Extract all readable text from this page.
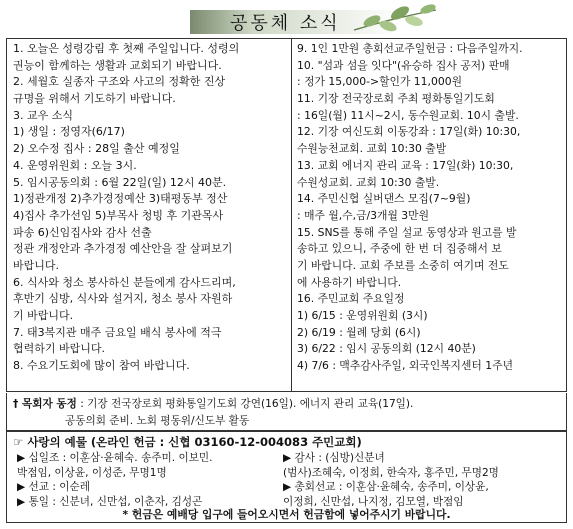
공동체 소식
1. 오늘은 성령강림 후 첫째 주일입니다. 성령의
권능이 함께하는 생활과 교회되기 바랍니다.
2. 세월호 실종자 구조와 사고의 정확한 진상
규명을 위해서 기도하기 바랍니다.
3. 교우 소식
1) 생일 : 정영자(6/17)
2) 오수정 집사 : 28일 출산 예정일
4. 운영위원회 : 오늘 3시.
5. 임시공동의회 : 6월 22일(일) 12시 40분.
1)정관개정 2)추가경정예산 3)태평동부 정산
4)집사 추가선임 5)부목사 청빙 후 기관목사
파송 6)신임집사와 감사 선출
정관 개정안과 추가경정 예산안을 잘 살펴보기
바랍니다.
6. 식사와 청소 봉사하신 분들에게 감사드리며,
후반기 심방, 식사와 설거지, 청소 봉사 자원하
기 바랍니다.
7. 태3복지관 매주 금요일 배식 봉사에 적극
협력하기 바랍니다.
8. 수요기도회에 많이 참여 바랍니다.
9. 1인 1만원 총회선교주일헌금 : 다음주일까지.
10. "섬과 섬을 잇다"(유승하 집사 공저) 판매
: 정가 15,000->할인가 11,000원
11. 기장 전국장로회 주최 평화통일기도회
: 16일(월) 11시~2시, 동수원교회. 10시 출발.
12. 기장 여신도회 이동강좌 : 17일(화) 10:30,
수원능천교회. 교회 10:30 출발
13. 교회 에너지 관리 교육 : 17일(화) 10:30,
수원성교회. 교회 10:30 출발.
14. 주민신협 실버댄스 모집(7~9월)
: 매주 월,수,금/3개월 3만원
15. SNS를 통해 주일 설교 동영상과 원고를 발
송하고 있으니, 주중에 한 번 더 집중해서 보
기 바랍니다. 교회 주보를 소중히 여기며 전도
에 사용하기 바랍니다.
16. 주민교회 주요일정
1) 6/15 : 운영위원회 (3시)
2) 6/19 : 월례 당회 (6시)
3) 6/22 : 임시 공동의회 (12시 40분)
4) 7/6 : 맥추감사주일, 외국인복지센터 1주년
† 목회자 동정 : 기장 전국장로회 평화통일기도회 강연(16일). 에너지 관리 교육(17일).
공동의회 준비. 노회 평동위/신도부 활동
☞ 사랑의 예물 (온라인 헌금 : 신협 03160-12-004083 주민교회)
▶ 십일조 : 이훈삼·윤혜숙. 송주미. 이보민.
박점임, 이상윤, 이성준, 무명1명
▶ 선교 : 이순레
▶ 통일 : 신분녀, 신만섭, 이춘자, 김성곤
▶ 감사 : (심방)신분녀
(범사)조혜숙, 이정희, 한숙자, 홍주민, 무명2명
▶ 총회선교 : 이훈삼·윤혜숙, 송주미, 이상윤,
이정희, 신만섭, 나지정, 김모열, 박점임
* 헌금은 예배당 입구에 들어오시면서 헌금함에 넣어주시기 바랍니다.
